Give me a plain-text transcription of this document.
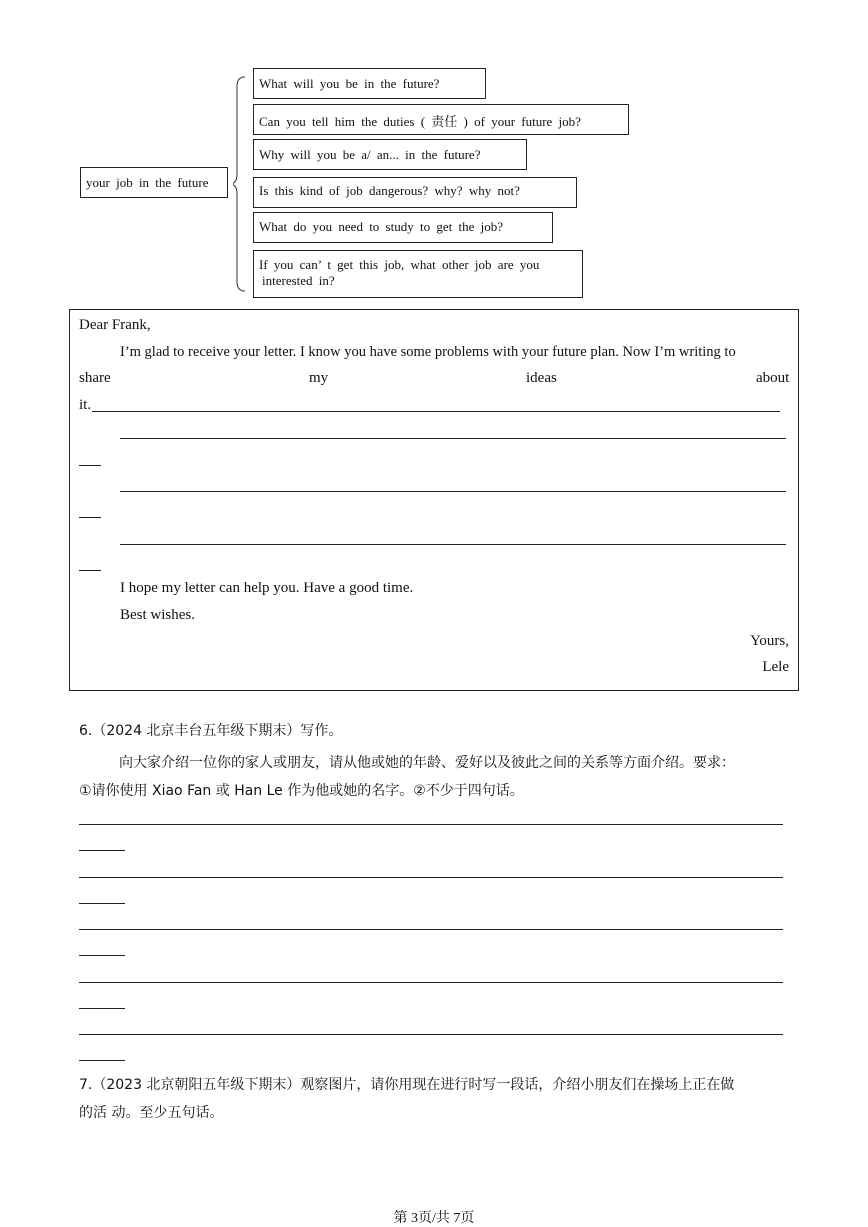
your job in the future
What will you be in the future?
Can you tell him the duties ( 责任 ) of your future job?
Why will you be a/ an... in the future?
Is this kind of job dangerous? why? why not?
What do you need to study to get the job?
If you can’ t get this job, what other job are you
interested in?
Dear Frank,
I’m glad to receive your letter. I know you have some problems with your future plan. Now I’m writing to
share	my	ideas	about
it.
I hope my letter can help you. Have a good time.
Best wishes.
Yours,
Lele
6.（2024 北京丰台五年级下期末）写作。
向大家介绍一位你的家人或朋友，请从他或她的年龄、爱好以及彼此之间的关系等方面介绍。要求：
①请你使用 Xiao Fan 或 Han Le 作为他或她的名字。②不少于四句话。
7.（2023 北京朝阳五年级下期末）观察图片，请你用现在进行时写一段话，介绍小朋友们在操场上正在做
的活 动。至少五句话。
第 3页/共 7页
